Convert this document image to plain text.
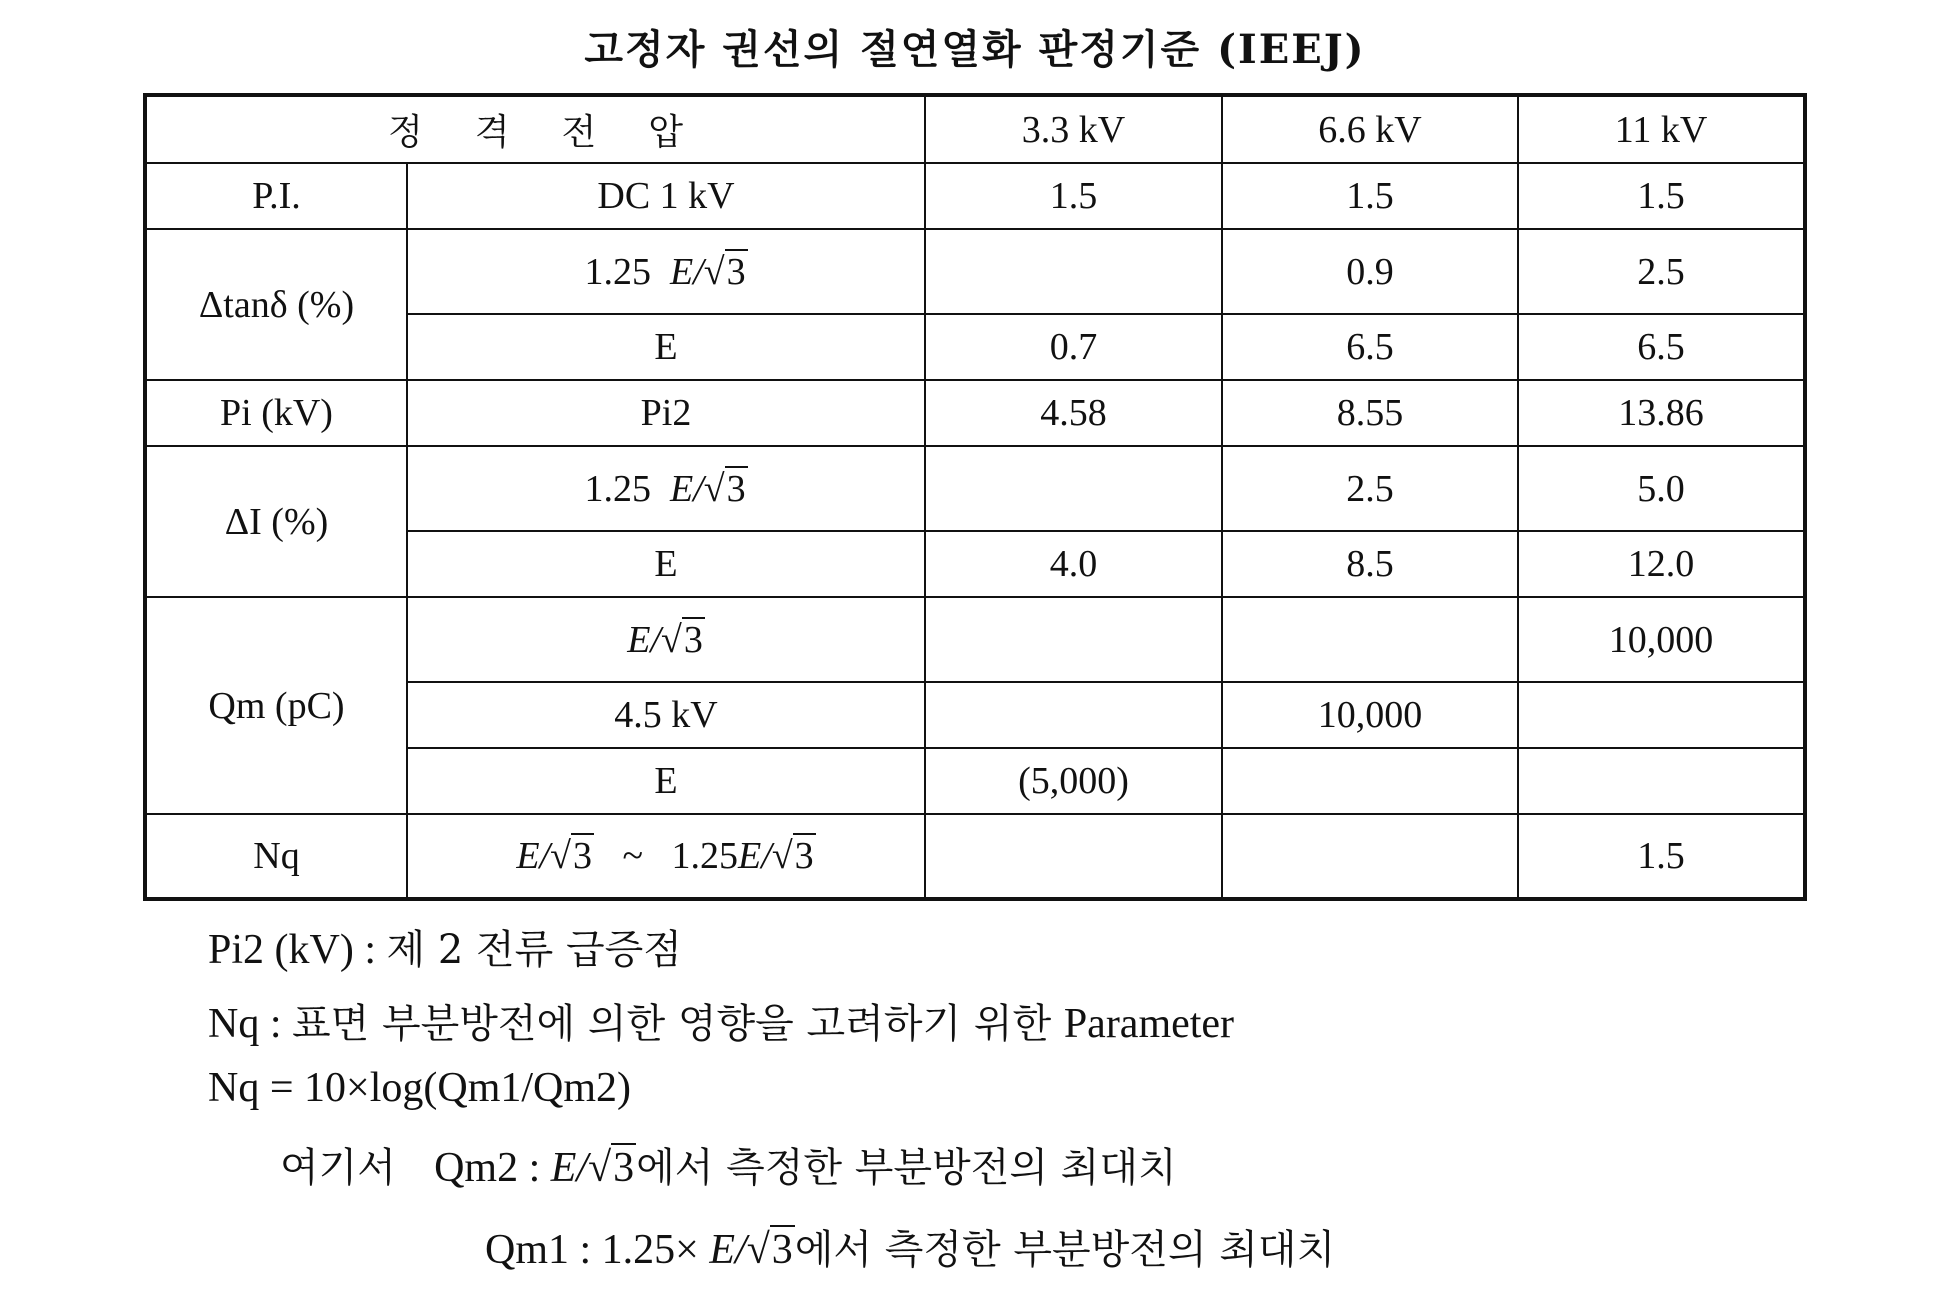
고정자 권선의 절연열화 판정기준 (IEEJ)
정격전압		3.3 kV	6.6 kV	11 kV
P.I.	DC 1 kV	1.5	1.5	1.5
Δtanδ (%)	1.25 E/√3		0.9	2.5
	E	0.7	6.5	6.5
Pi (kV)	Pi2	4.58	8.55	13.86
ΔI (%)	1.25 E/√3		2.5	5.0
	E	4.0	8.5	12.0
Qm (pC)	E/√3			10,000
	4.5 kV		10,000	
	E	(5,000)		
Nq	E/√3 ~ 1.25E/√3			1.5
Pi2 (kV) : 제 2 전류 급증점
Nq : 표면 부분방전에 의한 영향을 고려하기 위한 Parameter
Nq = 10×log(Qm1/Qm2)
여기서 Qm2 : E/√3에서 측정한 부분방전의 최대치
Qm1 : 1.25× E/√3에서 측정한 부분방전의 최대치
